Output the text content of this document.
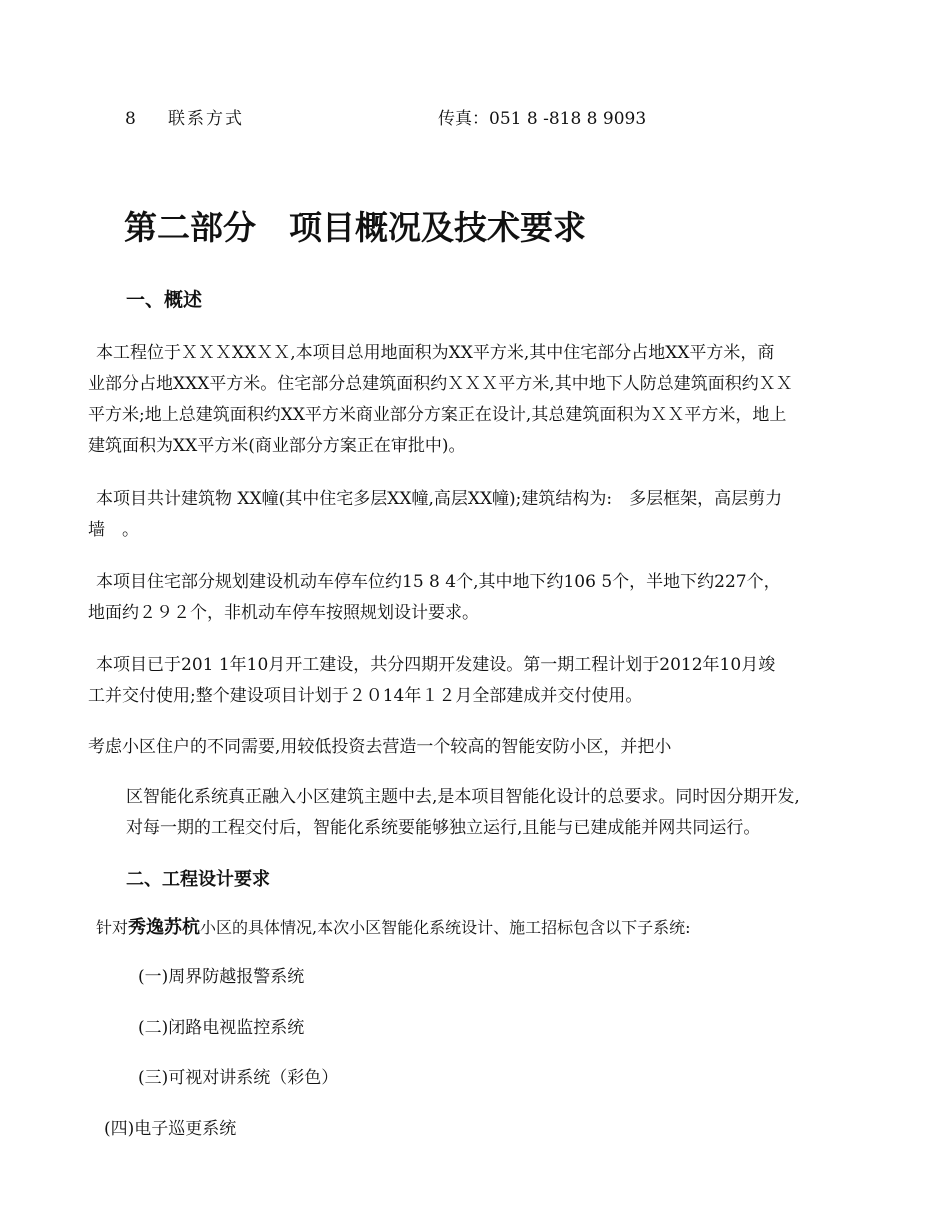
8 联系方式	传真：051 8 -818 8 9093
第二部分　项目概况及技术要求
一、概述
本工程位于ＸＸＸXXＸＸ,本项目总用地面积为XX平方米,其中住宅部分占地XX平方米，商
业部分占地XXX平方米。住宅部分总建筑面积约ＸＸＸ平方米,其中地下人防总建筑面积约ＸＸ
平方米;地上总建筑面积约XX平方米商业部分方案正在设计,其总建筑面积为ＸＸ平方米，地上
建筑面积为XX平方米(商业部分方案正在审批中)。
本项目共计建筑物 XX幢(其中住宅多层XX幢,高层XX幢);建筑结构为:　多层框架，高层剪力
墙　。
本项目住宅部分规划建设机动车停车位约15 8 4个,其中地下约106 5个，半地下约227个，
地面约２９２个，非机动车停车按照规划设计要求。
本项目已于201 1年10月开工建设，共分四期开发建设。第一期工程计划于2012年10月竣
工并交付使用;整个建设项目计划于２０14年１２月全部建成并交付使用。
考虑小区住户的不同需要,用较低投资去营造一个较高的智能安防小区，并把小
区智能化系统真正融入小区建筑主题中去,是本项目智能化设计的总要求。同时因分期开发,
对每一期的工程交付后，智能化系统要能够独立运行,且能与已建成能并网共同运行。
二、工程设计要求
针对秀逸苏杭小区的具体情况,本次小区智能化系统设计、施工招标包含以下子系统:
(一)周界防越报警系统
(二)闭路电视监控系统
(三)可视对讲系统（彩色）
(四)电子巡更系统
